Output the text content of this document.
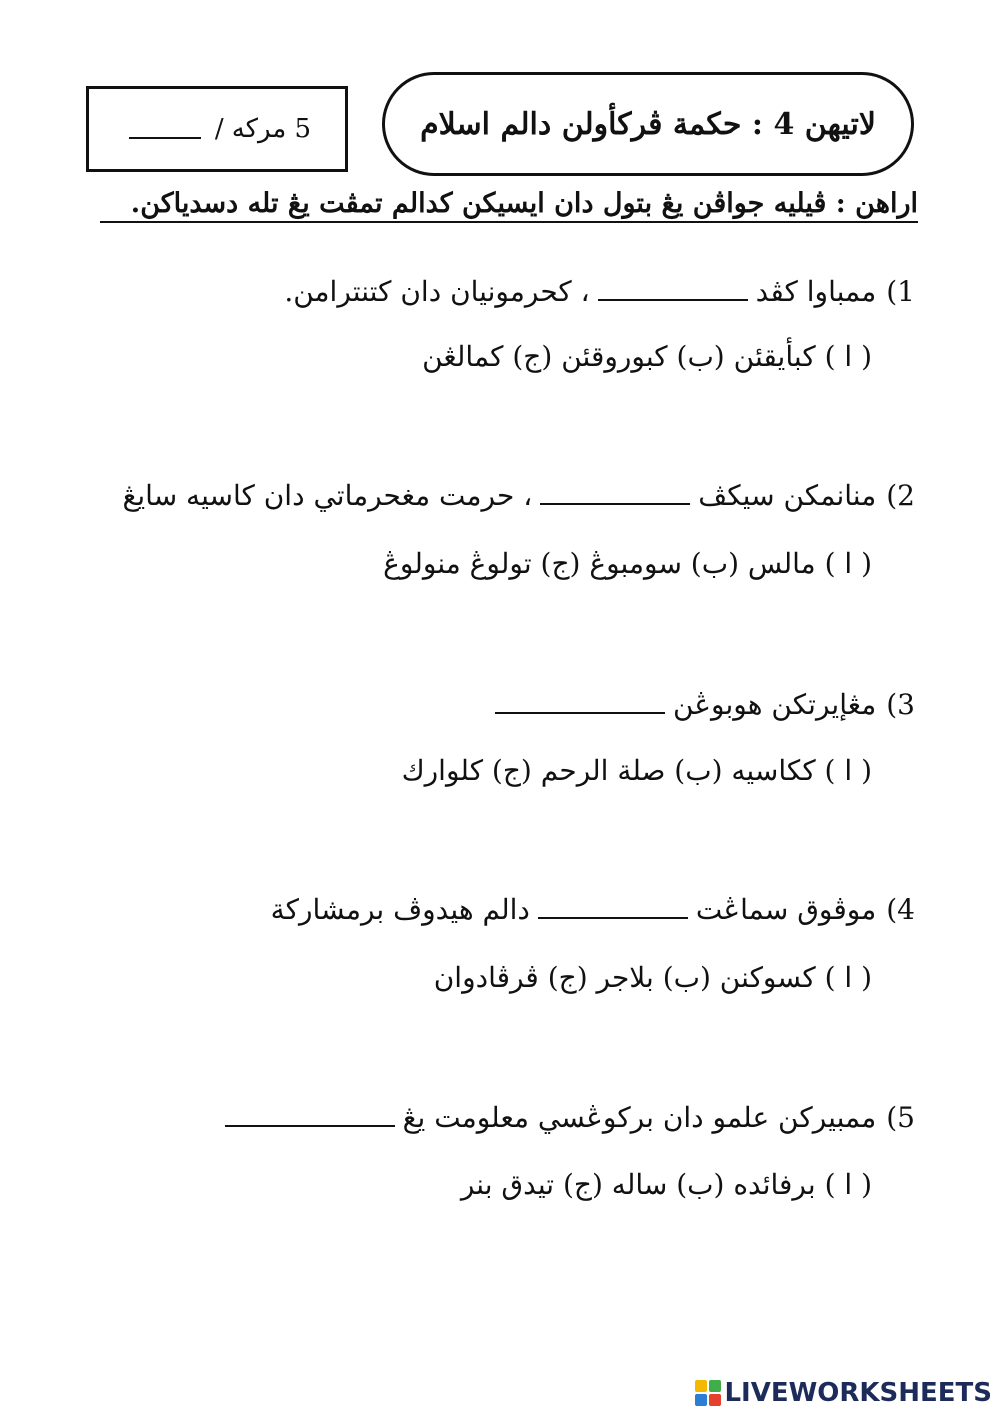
5 مركه
/	لاتيهن 4 : حكمة ڤركأولن دالم اسلام
اراهن : ڤيليه جواڤن يڠ بتول دان ايسيكن كدالم تمڤت يڠ تله دسدياكن.
1)ممباوا كڤد، كحرمونيان دان كتنترامن.
( ا ) كبأيقئن (ب) كبوروقئن (ج) كمالڠن
2)منانمكن سيكڤ، حرمت مغحرماتي دان كاسيه سايڠ
( ا ) مالس (ب) سومبوڠ (ج) تولوڠ منولوڠ
3)مڠإيرتكن هوبوڠن
( ا ) ككاسيه (ب) صلة الرحم (ج) كلوارك
4)موڤوق سماڠتدالم هيدوڤ برمشاركة
( ا ) كسوكنن (ب) بلاجر (ج) ڤرڤادوان
5)ممبيركن علمو دان بركوڠسي معلومت يڠ
( ا ) برفائده (ب) ساله (ج) تيدق بنر
LIVEWORKSHEETS
